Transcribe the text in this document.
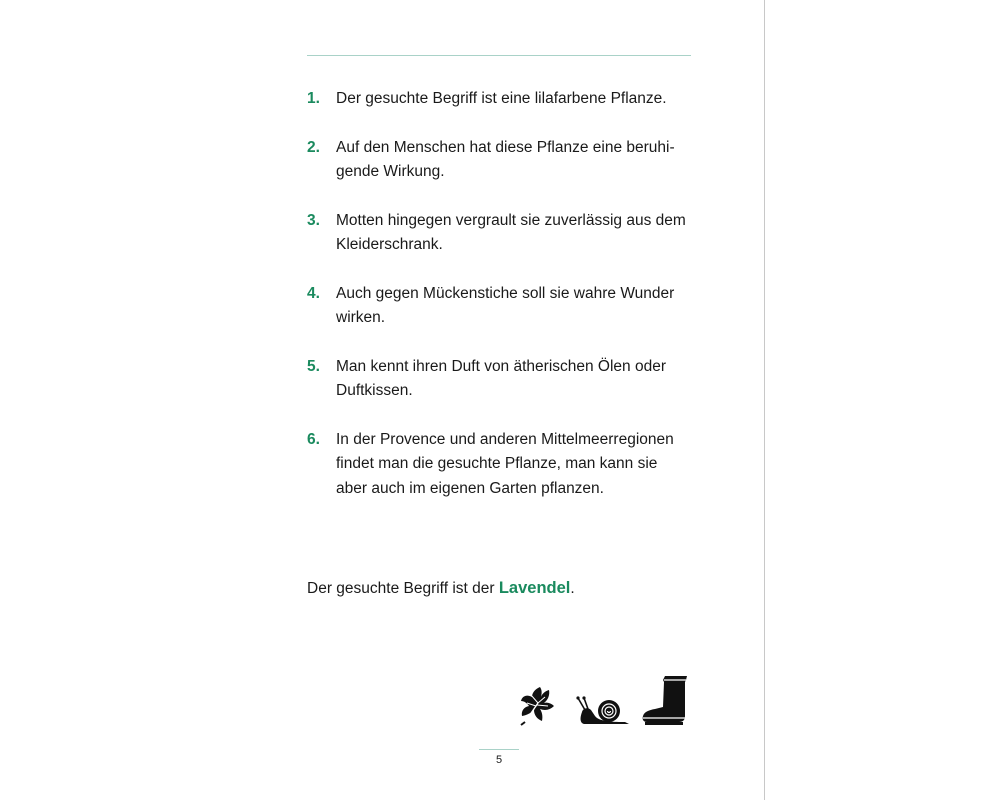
1. Der gesuchte Begriff ist eine lilafarbene Pflanze.
2. Auf den Menschen hat diese Pflanze eine beruhi-
gende Wirkung.
3. Motten hingegen vergrault sie zuverlässig aus dem
Kleiderschrank.
4. Auch gegen Mückenstiche soll sie wahre Wunder
wirken.
5. Man kennt ihren Duft von ätherischen Ölen oder
Duftkissen.
6. In der Provence und anderen Mittelmeerregionen
findet man die gesuchte Pflanze, man kann sie
aber auch im eigenen Garten pflanzen.

Der gesuchte Begriff ist der Lavendel.

5
